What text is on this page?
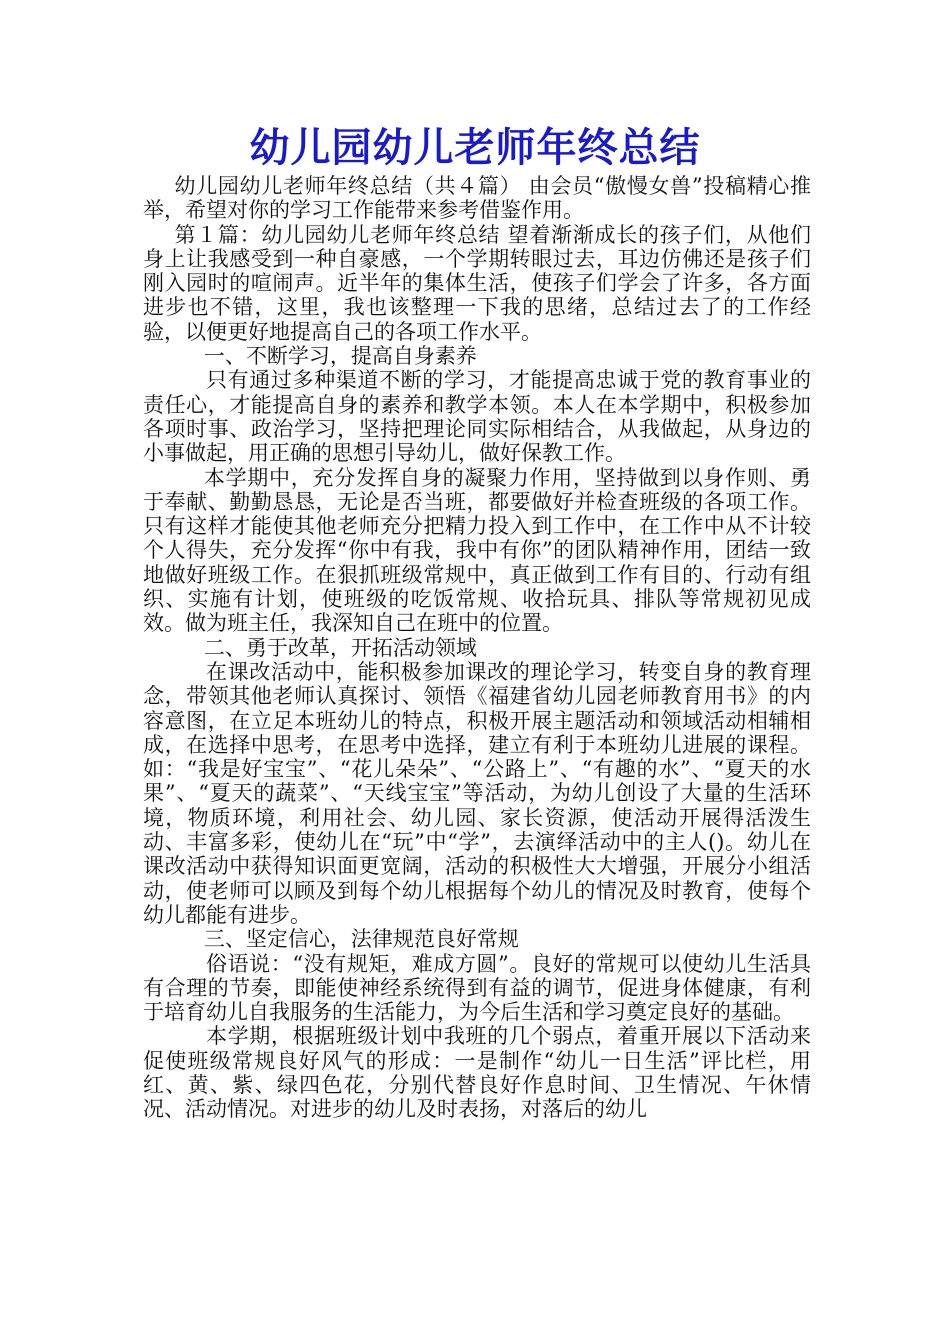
幼儿园幼儿老师年终总结

幼儿园幼儿老师年终总结（共４篇） 由会员“傲慢女兽”投稿精心推举，希望对你的学习工作能带来参考借鉴作用。

第１篇：幼儿园幼儿老师年终总结 望着渐渐成长的孩子们，从他们身上让我感受到一种自豪感，一个学期转眼过去，耳边仿佛还是孩子们刚入园时的喧闹声。近半年的集体生活，使孩子们学会了许多，各方面进步也不错，这里，我也该整理一下我的思绪，总结过去了的工作经验，以便更好地提高自己的各项工作水平。

一、不断学习，提高自身素养

只有通过多种渠道不断的学习，才能提高忠诚于党的教育事业的责任心，才能提高自身的素养和教学本领。本人在本学期中，积极参加各项时事、政治学习，坚持把理论同实际相结合，从我做起，从身边的小事做起，用正确的思想引导幼儿，做好保教工作。

本学期中，充分发挥自身的凝聚力作用，坚持做到以身作则、勇于奉献、勤勤恳恳，无论是否当班，都要做好并检查班级的各项工作。只有这样才能使其他老师充分把精力投入到工作中，在工作中从不计较个人得失，充分发挥“你中有我，我中有你”的团队精神作用，团结一致地做好班级工作。在狠抓班级常规中，真正做到工作有目的、行动有组织、实施有计划，使班级的吃饭常规、收拾玩具、排队等常规初见成效。做为班主任，我深知自己在班中的位置。

二、勇于改革，开拓活动领域

在课改活动中，能积极参加课改的理论学习，转变自身的教育理念，带领其他老师认真探讨、领悟《福建省幼儿园老师教育用书》的内容意图，在立足本班幼儿的特点，积极开展主题活动和领域活动相辅相成，在选择中思考，在思考中选择，建立有利于本班幼儿进展的课程。如：“我是好宝宝”、“花儿朵朵”、“公路上”、“有趣的水”、“夏天的水果”、“夏天的蔬菜”、“天线宝宝”等活动，为幼儿创设了大量的生活环境，物质环境，利用社会、幼儿园、家长资源，使活动开展得活泼生动、丰富多彩，使幼儿在“玩”中“学”，去演绎活动中的主人()。幼儿在课改活动中获得知识面更宽阔，活动的积极性大大增强，开展分小组活动，使老师可以顾及到每个幼儿根据每个幼儿的情况及时教育，使每个幼儿都能有进步。

三、坚定信心，法律规范良好常规

俗语说：“没有规矩，难成方圆”。良好的常规可以使幼儿生活具有合理的节奏，即能使神经系统得到有益的调节，促进身体健康，有利于培育幼儿自我服务的生活能力，为今后生活和学习奠定良好的基础。

本学期，根据班级计划中我班的几个弱点，着重开展以下活动来促使班级常规良好风气的形成：一是制作“幼儿一日生活”评比栏，用红、黄、紫、绿四色花，分别代替良好作息时间、卫生情况、午休情况、活动情况。对进步的幼儿及时表扬，对落后的幼儿
